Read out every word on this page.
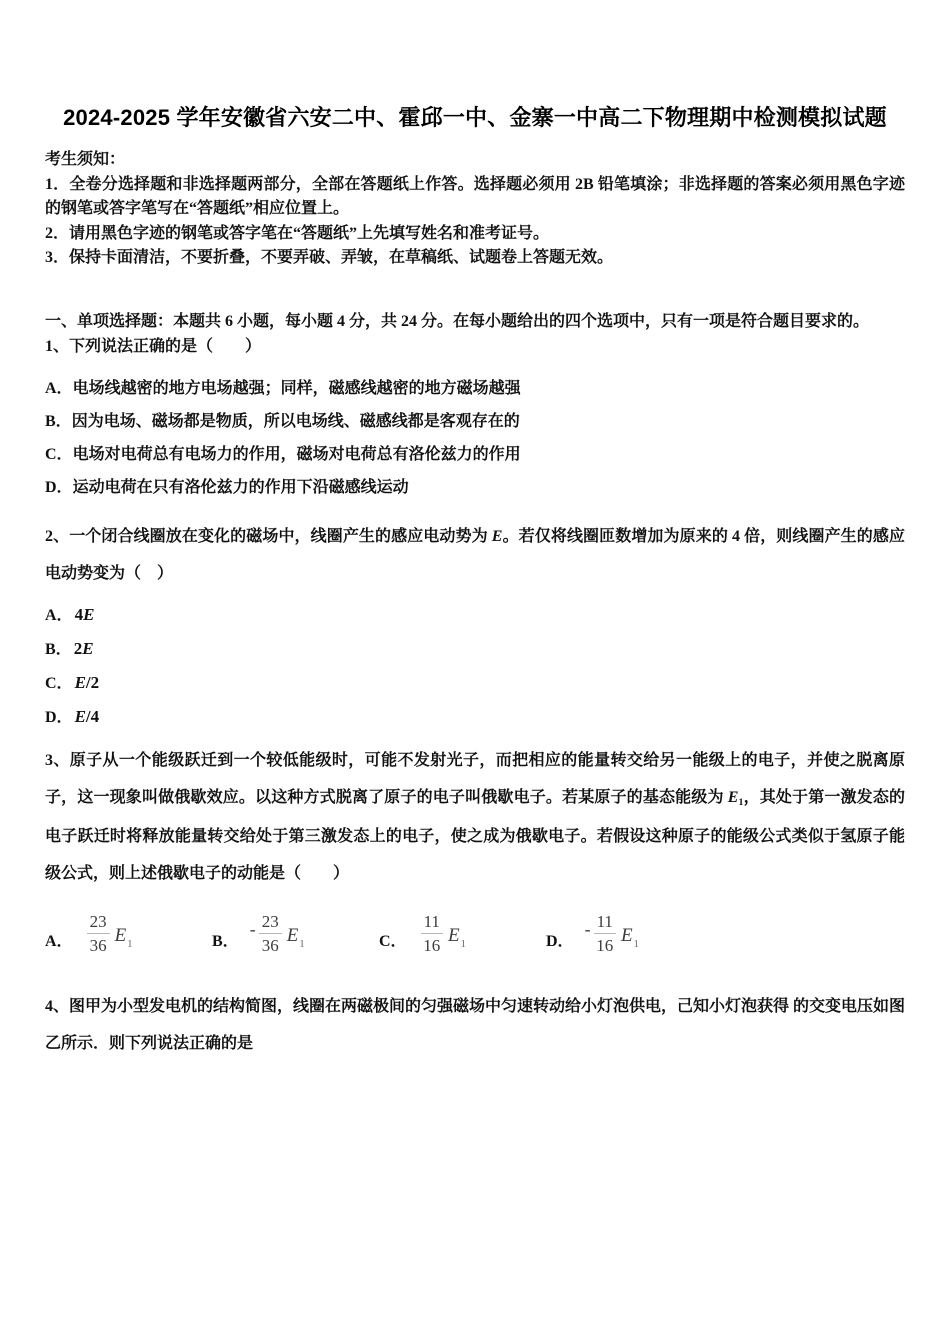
2024-2025 学年安徽省六安二中、霍邱一中、金寨一中高二下物理期中检测模拟试题
考生须知：
1．全卷分选择题和非选择题两部分，全部在答题纸上作答。选择题必须用 2B 铅笔填涂；非选择题的答案必须用黑色字迹的钢笔或答字笔写在“答题纸”相应位置上。
2．请用黑色字迹的钢笔或答字笔在“答题纸”上先填写姓名和准考证号。
3．保持卡面清洁，不要折叠，不要弄破、弄皱，在草稿纸、试题卷上答题无效。
一、单项选择题：本题共 6 小题，每小题 4 分，共 24 分。在每小题给出的四个选项中，只有一项是符合题目要求的。
1、下列说法正确的是（　　）
A．电场线越密的地方电场越强；同样，磁感线越密的地方磁场越强
B．因为电场、磁场都是物质，所以电场线、磁感线都是客观存在的
C．电场对电荷总有电场力的作用，磁场对电荷总有洛伦兹力的作用
D．运动电荷在只有洛伦兹力的作用下沿磁感线运动
2、一个闭合线圈放在变化的磁场中，线圈产生的感应电动势为 E。若仅将线圈匝数增加为原来的 4 倍，则线圈产生的感应电动势变为（　）
A． 4E
B． 2E
C． E/2
D． E/4
3、原子从一个能级跃迁到一个较低能级时，可能不发射光子，而把相应的能量转交给另一能级上的电子，并使之脱离原子，这一现象叫做俄歇效应。以这种方式脱离了原子的电子叫俄歇电子。若某原子的基态能级为 $E_1$，其处于第一激发态的电子跃迁时将释放能量转交给处于第三激发态上的电子，使之成为俄歇电子。若假设这种原子的能级公式类似于氢原子能级公式，则上述俄歇电子的动能是（　　）
A． $\frac{23}{36} E_1$	B．
- $\frac{23}{36} E_1$	C． $\frac{11}{16} E_1$	D．
- $\frac{11}{16} E_1$
4、图甲为小型发电机的结构简图，线圈在两磁极间的匀强磁场中匀速转动给小灯泡供电，己知小灯泡获得 的交变电压如图乙所示．则下列说法正确的是
